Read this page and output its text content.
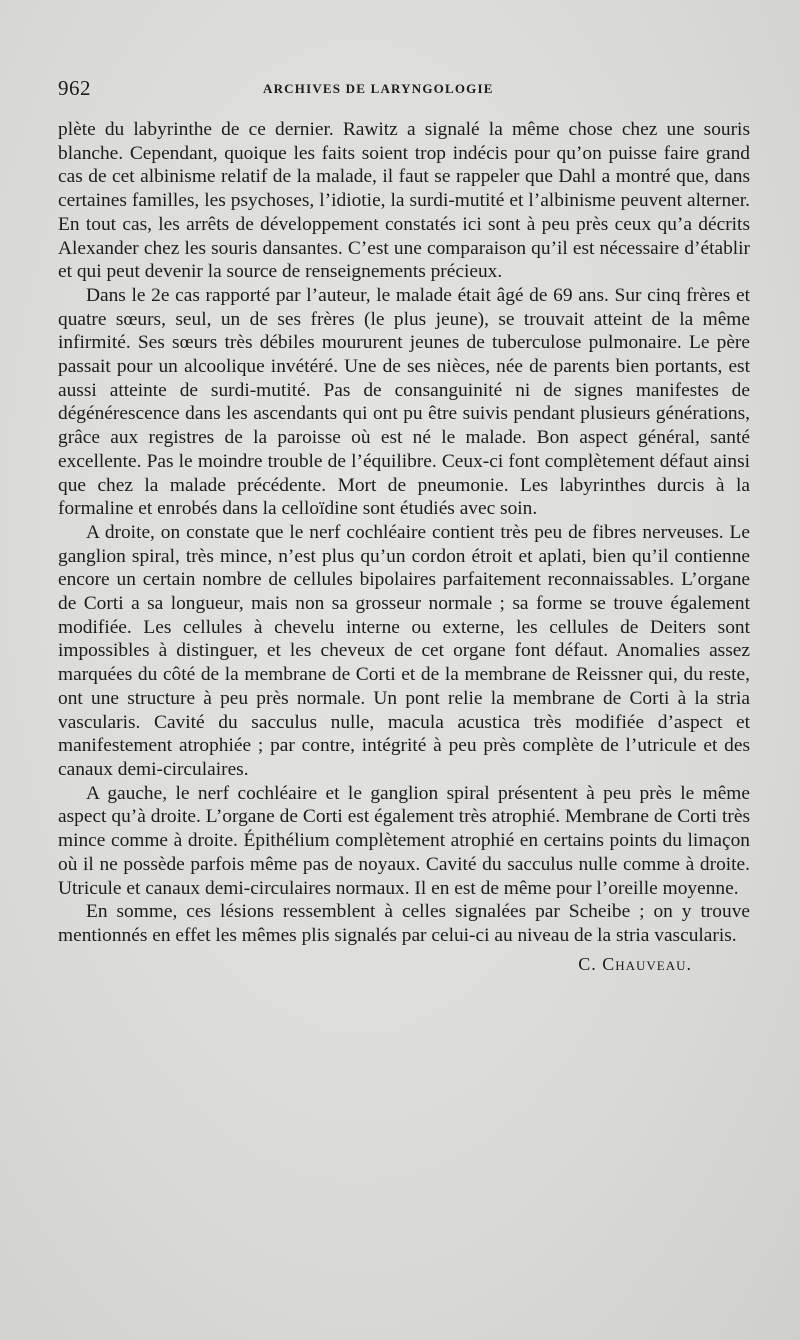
962	ARCHIVES DE LARYNGOLOGIE

plète du labyrinthe de ce dernier. Rawitz a signalé la même chose chez une souris blanche. Cependant, quoique les faits soient trop indécis pour qu’on puisse faire grand cas de cet albinisme relatif de la malade, il faut se rappeler que Dahl a montré que, dans certaines familles, les psychoses, l’idiotie, la surdi-mutité et l’albinisme peuvent alterner. En tout cas, les arrêts de développement constatés ici sont à peu près ceux qu’a décrits Alexander chez les souris dansantes. C’est une comparaison qu’il est nécessaire d’établir et qui peut devenir la source de renseignements précieux.

Dans le 2e cas rapporté par l’auteur, le malade était âgé de 69 ans. Sur cinq frères et quatre sœurs, seul, un de ses frères (le plus jeune), se trouvait atteint de la même infirmité. Ses sœurs très débiles moururent jeunes de tuberculose pulmonaire. Le père passait pour un alcoolique invétéré. Une de ses nièces, née de parents bien portants, est aussi atteinte de surdi-mutité. Pas de consanguinité ni de signes manifestes de dégénérescence dans les ascendants qui ont pu être suivis pendant plusieurs générations, grâce aux registres de la paroisse où est né le malade. Bon aspect général, santé excellente. Pas le moindre trouble de l’équilibre. Ceux-ci font complètement défaut ainsi que chez la malade précédente. Mort de pneumonie. Les labyrinthes durcis à la formaline et enrobés dans la celloïdine sont étudiés avec soin.

A droite, on constate que le nerf cochléaire contient très peu de fibres nerveuses. Le ganglion spiral, très mince, n’est plus qu’un cordon étroit et aplati, bien qu’il contienne encore un certain nombre de cellules bipolaires parfaitement reconnaissables. L’organe de Corti a sa longueur, mais non sa grosseur normale ; sa forme se trouve également modifiée. Les cellules à chevelu interne ou externe, les cellules de Deiters sont impossibles à distinguer, et les cheveux de cet organe font défaut. Anomalies assez marquées du côté de la membrane de Corti et de la membrane de Reissner qui, du reste, ont une structure à peu près normale. Un pont relie la membrane de Corti à la stria vascularis. Cavité du sacculus nulle, macula acustica très modifiée d’aspect et manifestement atrophiée ; par contre, intégrité à peu près complète de l’utricule et des canaux demi-circulaires.

A gauche, le nerf cochléaire et le ganglion spiral présentent à peu près le même aspect qu’à droite. L’organe de Corti est également très atrophié. Membrane de Corti très mince comme à droite. Épithélium complètement atrophié en certains points du limaçon où il ne possède parfois même pas de noyaux. Cavité du sacculus nulle comme à droite. Utricule et canaux demi-circulaires normaux. Il en est de même pour l’oreille moyenne.

En somme, ces lésions ressemblent à celles signalées par Scheibe ; on y trouve mentionnés en effet les mêmes plis signalés par celui-ci au niveau de la stria vascularis.

C. Chauveau.
